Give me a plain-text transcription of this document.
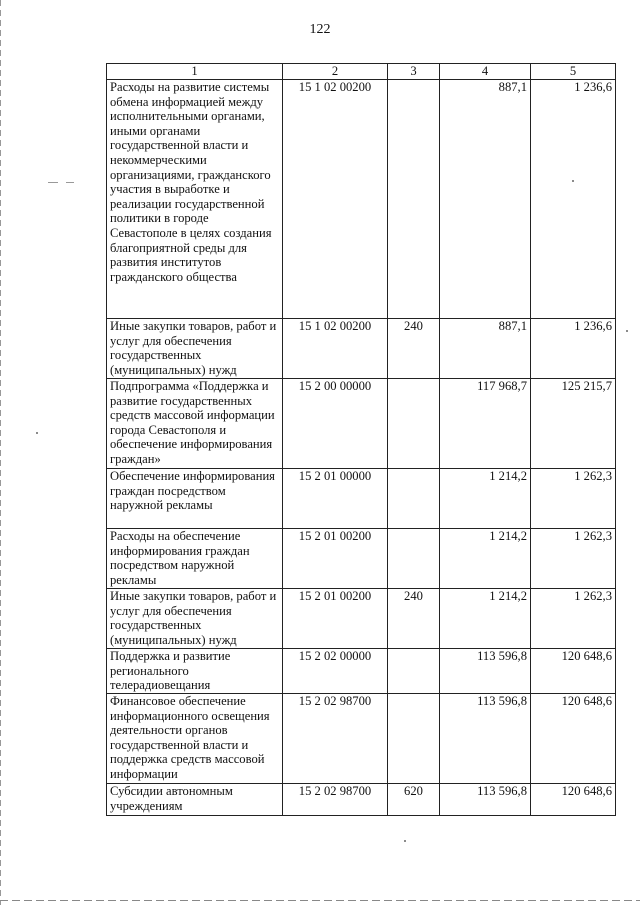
122
1	2	3	4	5
Расходы на развитие системы обмена информацией между исполнительными органами, иными органами государственной власти и некоммерческими организациями, гражданского участия в выработке и реализации государственной политики в городе Севастополе в целях создания благоприятной среды для развития институтов гражданского общества	15 1 02 00200		887,1	1 236,6
Иные закупки товаров, работ и услуг для обеспечения государственных (муниципальных) нужд	15 1 02 00200	240	887,1	1 236,6
Подпрограмма «Поддержка и развитие государственных средств массовой информации города Севастополя и обеспечение информирования граждан»	15 2 00 00000		117 968,7	125 215,7
Обеспечение информирования граждан посредством наружной рекламы	15 2 01 00000		1 214,2	1 262,3
Расходы на обеспечение информирования граждан посредством наружной рекламы	15 2 01 00200		1 214,2	1 262,3
Иные закупки товаров, работ и услуг для обеспечения государственных (муниципальных) нужд	15 2 01 00200	240	1 214,2	1 262,3
Поддержка и развитие регионального телерадиовещания	15 2 02 00000		113 596,8	120 648,6
Финансовое обеспечение информационного освещения деятельности органов государственной власти и поддержка средств массовой информации	15 2 02 98700		113 596,8	120 648,6
Субсидии автономным учреждениям	15 2 02 98700	620	113 596,8	120 648,6
